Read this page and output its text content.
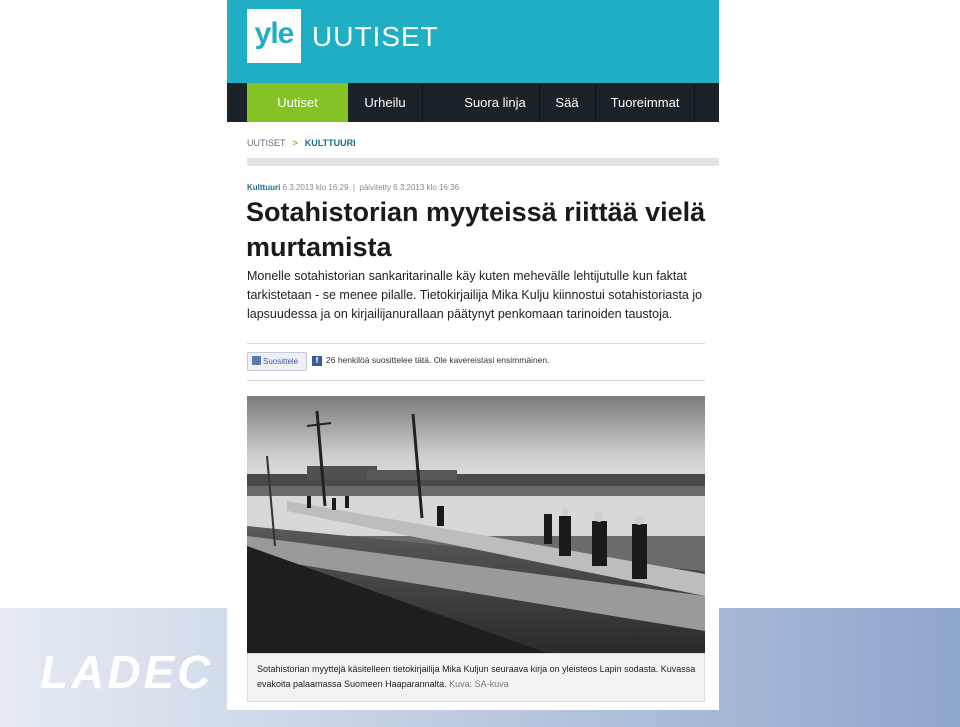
LADEC
yle UUTISET
Uutiset	Urheilu	Suora linja	Sää	Tuoreimmat
UUTISET > KULTTUURI
Kulttuuri 6.3.2013 klo 16:29 | päivitetty 6.3.2013 klo 16:36
Sotahistorian myyteissä riittää vielä murtamista
Monelle sotahistorian sankaritarinalle käy kuten mehevälle lehtijutulle kun faktat tarkistetaan - se menee pilalle. Tietokirjailija Mika Kulju kiinnostui sotahistoriasta jo lapsuudessa ja on kirjailijanurallaan päätynyt penkomaan tarinoiden taustoja.
Suosittele	f 26 henkilöä suosittelee tätä. Ole kavereistasi ensimmäinen.
Sotahistorian myyttejä käsitelleen tietokirjailija Mika Kuljun seuraava kirja on yleisteos Lapin sodasta. Kuvassa evakoita palaamassa Suomeen Haaparannalta. Kuva: SA-kuva
